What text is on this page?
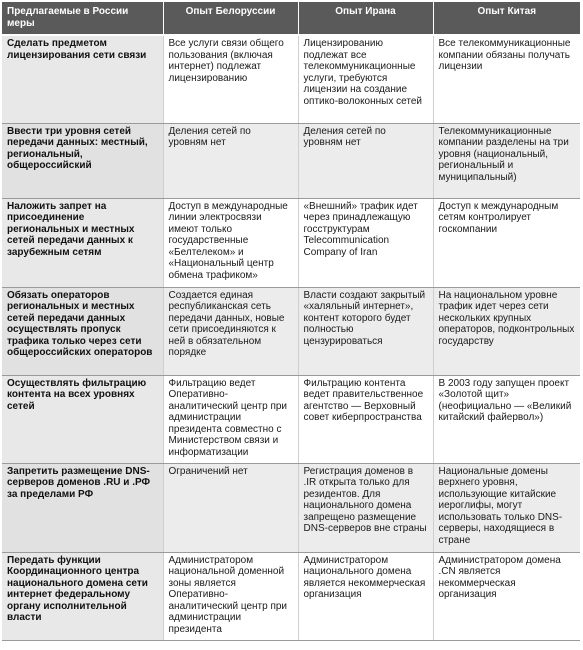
Предлагаемые в России меры	Опыт Белоруссии	Опыт Ирана	Опыт Китая
Сделать предметом лицензирования сети связи	Все услуги связи общего пользования (включая интернет) подлежат лицензированию	Лицензированию подлежат все телекоммуникационные услуги, требуются лицензии на создание оптико-волоконных сетей	Все телекоммуникационные компании обязаны получать лицензии
Ввести три уровня сетей передачи данных: местный, региональный, общероссийский	Деления сетей по уровням нет	Деления сетей по уровням нет	Телекоммуникационные компании разделены на три уровня (национальный, региональный и муниципальный)
Наложить запрет на присоединение региональных и местных сетей передачи данных к зарубежным сетям	Доступ в международные линии электросвязи имеют только государственные «Белтелеком» и «Национальный центр обмена трафиком»	«Внешний» трафик идет через принадлежащую госструктурам Telecommunication Company of Iran	Доступ к международным сетям контролирует госкомпании
Обязать операторов региональных и местных сетей передачи данных осуществлять пропуск трафика только через сети общероссийских операторов	Создается единая республиканская сеть передачи данных, новые сети присоединяются к ней в обязательном порядке	Власти создают закрытый «халяльный интернет», контент которого будет полностью цензурироваться	На национальном уровне трафик идет через сети нескольких крупных операторов, подконтрольных государству
Осуществлять фильтрацию контента на всех уровнях сетей	Фильтрацию ведет Оперативно-аналитический центр при администрации президента совместно с Министерством связи и информатизации	Фильтрацию контента ведет правительственное агентство — Верховный совет киберпространства	В 2003 году запущен проект «Золотой щит» (неофициально — «Великий китайский файервол»)
Запретить размещение DNS-серверов доменов .RU и .РФ за пределами РФ	Ограничений нет	Регистрация доменов в .IR открыта только для резидентов. Для национального домена запрещено размещение DNS-серверов вне страны	Национальные домены верхнего уровня, использующие китайские иероглифы, могут использовать только DNS-серверы, находящиеся в стране
Передать функции Координационного центра национального домена сети интернет федеральному органу исполнительной власти	Администратором национальной доменной зоны является Оперативно-аналитический центр при администрации президента	Администратором национального домена является некоммерческая организация	Администратором домена .CN является некоммерческая организация
